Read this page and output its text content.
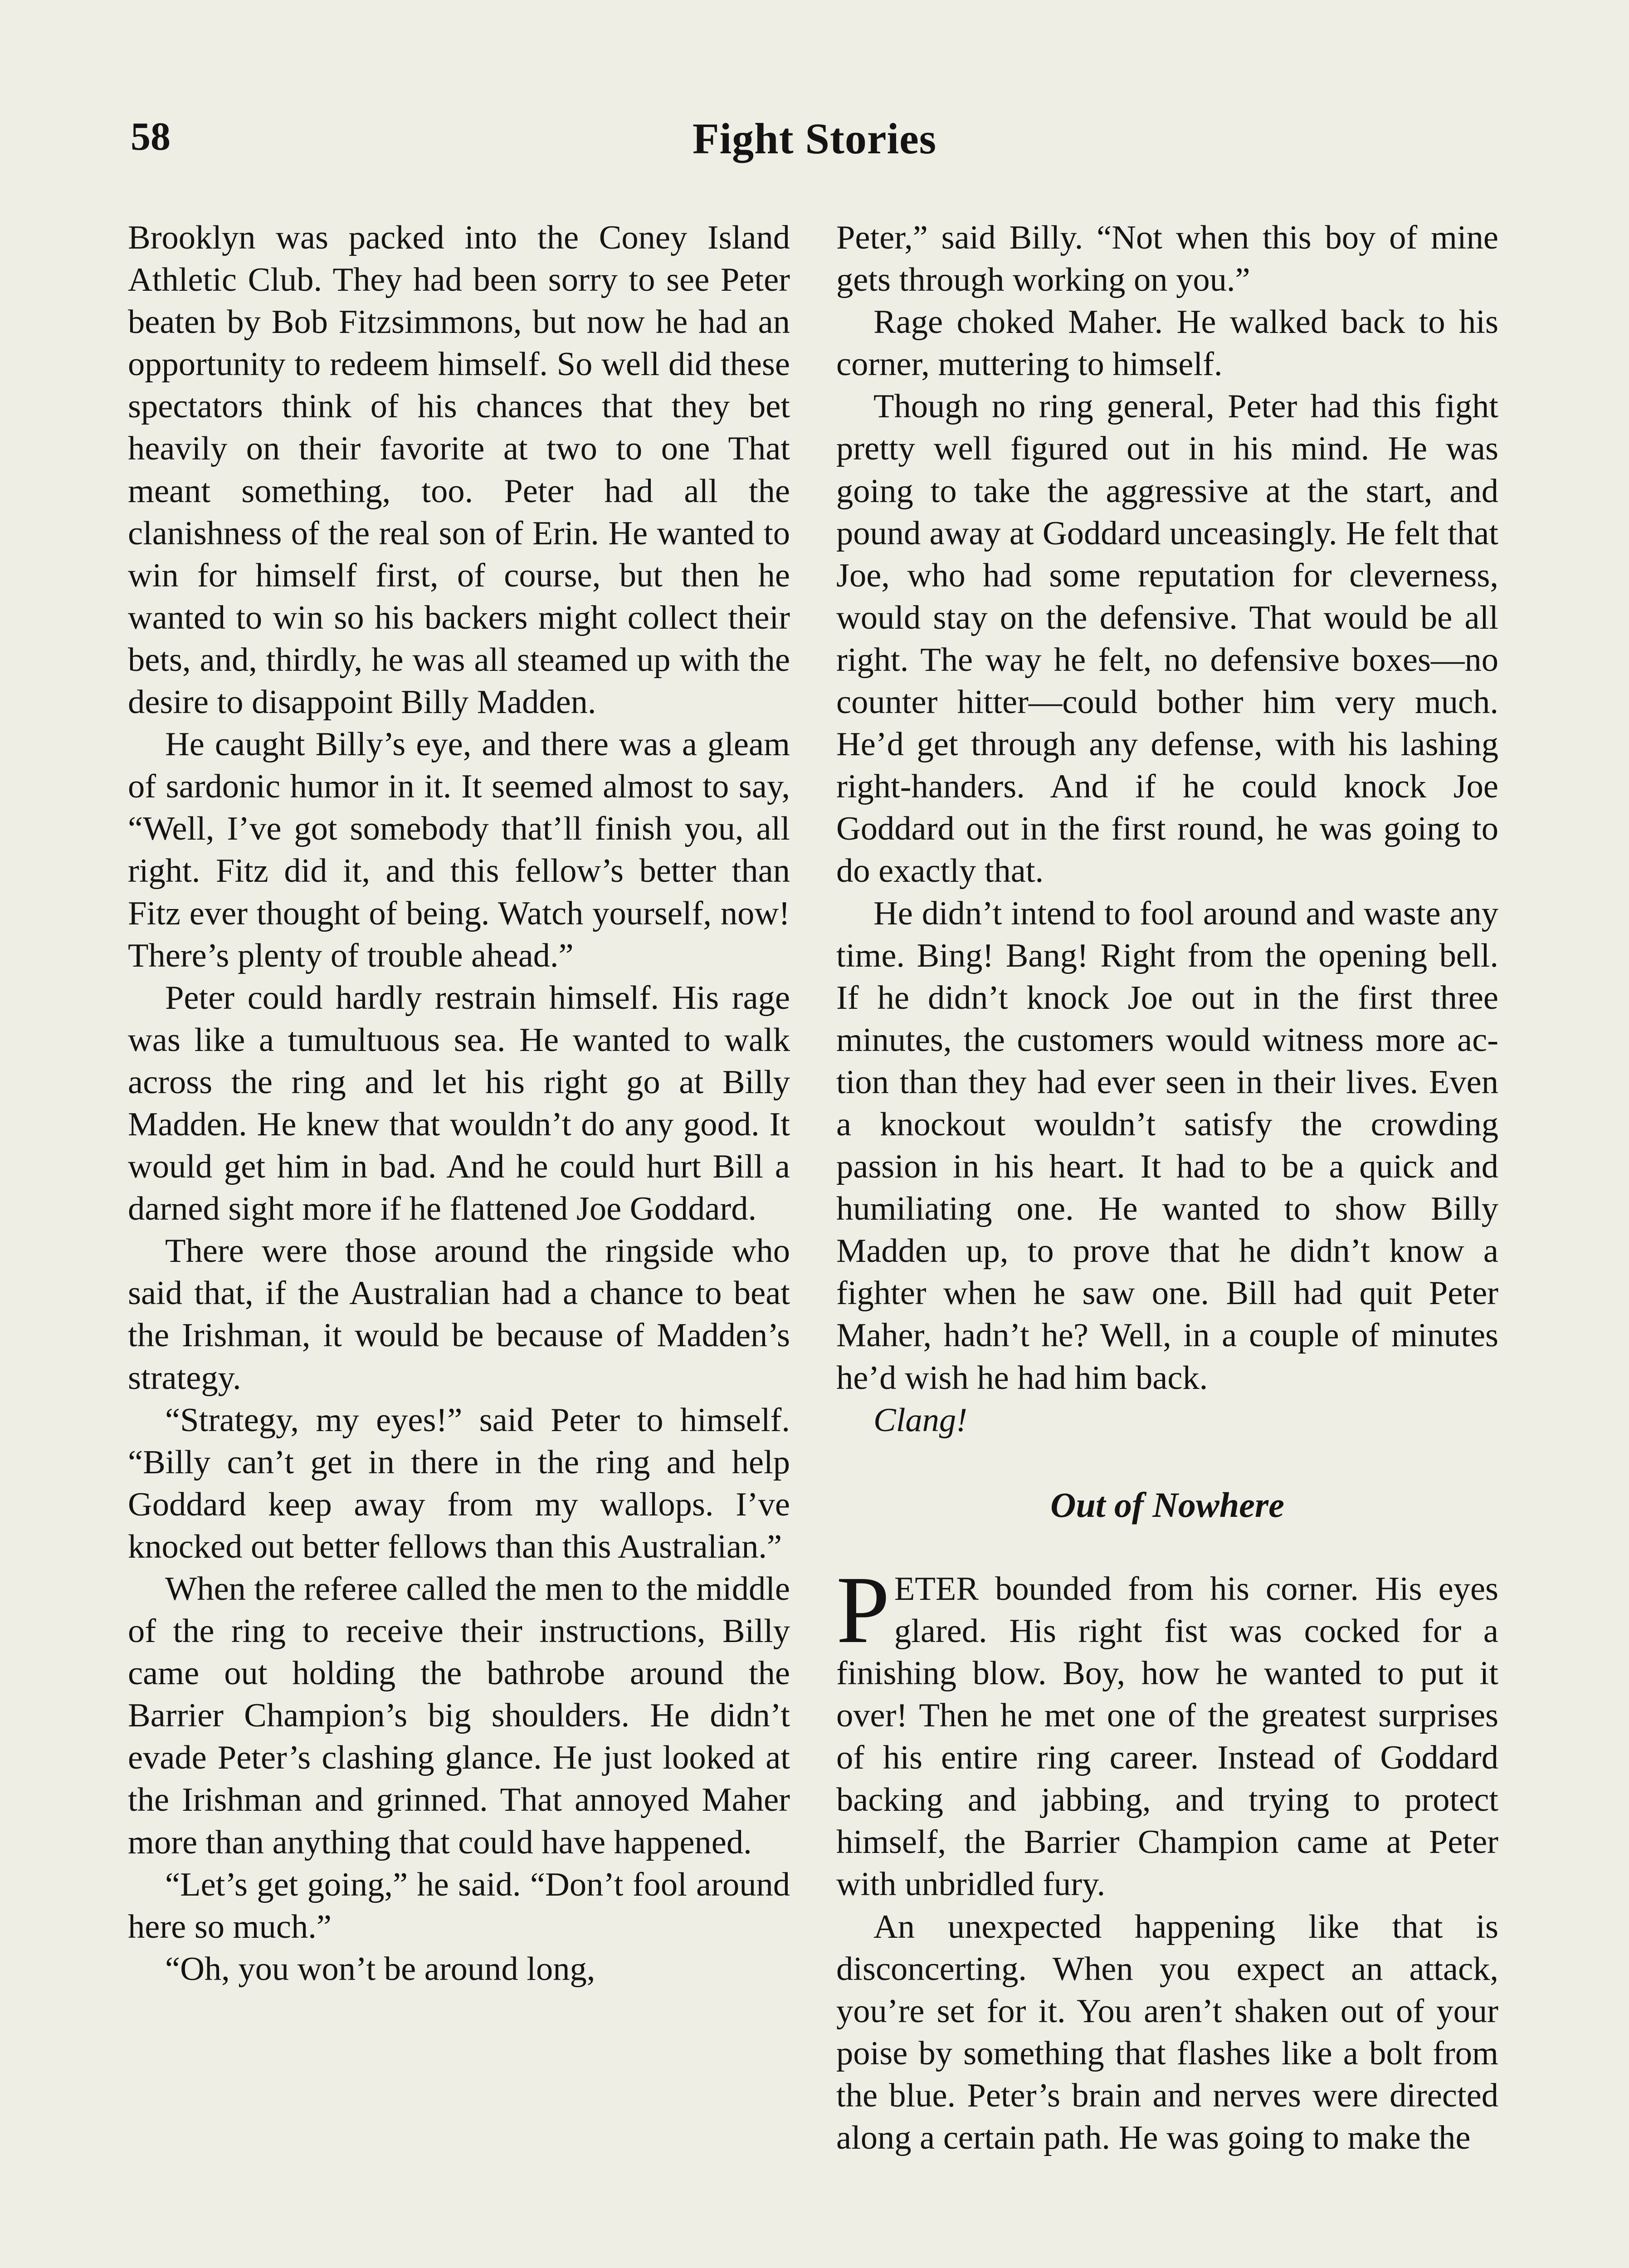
58	Fight Stories

Brooklyn was packed into the Coney Island Athletic Club. They had been sorry to see Peter beaten by Bob Fitzsimmons, but now he had an opportunity to redeem himself. So well did these spectators think of his chances that they bet heavily on their favorite at two to one That meant something, too. Peter had all the clanishness of the real son of Erin. He wanted to win for himself first, of course, but then he wanted to win so his backers might collect their bets, and, thirdly, he was all steamed up with the desire to disappoint Billy Madden.

He caught Billy’s eye, and there was a gleam of sardonic humor in it. It seemed almost to say, “Well, I’ve got somebody that’ll finish you, all right. Fitz did it, and this fellow’s better than Fitz ever thought of being. Watch yourself, now! There’s plenty of trouble ahead.”

Peter could hardly restrain himself. His rage was like a tumultuous sea. He wanted to walk across the ring and let his right go at Billy Madden. He knew that wouldn’t do any good. It would get him in bad. And he could hurt Bill a darned sight more if he flattened Joe Goddard.

There were those around the ringside who said that, if the Australian had a chance to beat the Irishman, it would be because of Madden’s strategy.

“Strategy, my eyes!” said Peter to himself. “Billy can’t get in there in the ring and help Goddard keep away from my wallops. I’ve knocked out better fellows than this Australian.”

When the referee called the men to the middle of the ring to receive their instructions, Billy came out holding the bathrobe around the Barrier Champion’s big shoulders. He didn’t evade Peter’s clashing glance. He just looked at the Irishman and grinned. That annoyed Maher more than anything that could have happened.

“Let’s get going,” he said. “Don’t fool around here so much.”

“Oh, you won’t be around long,

Peter,” said Billy. “Not when this boy of mine gets through working on you.”

Rage choked Maher. He walked back to his corner, muttering to himself.

Though no ring general, Peter had this fight pretty well figured out in his mind. He was going to take the aggressive at the start, and pound away at Goddard unceasingly. He felt that Joe, who had some reputation for cleverness, would stay on the defensive. That would be all right. The way he felt, no defensive boxes—no counter hitter—could bother him very much. He’d get through any defense, with his lashing right-handers. And if he could knock Joe Goddard out in the first round, he was going to do exactly that.

He didn’t intend to fool around and waste any time. Bing! Bang! Right from the opening bell. If he didn’t knock Joe out in the first three minutes, the customers would witness more action than they had ever seen in their lives. Even a knockout wouldn’t satisfy the crowding passion in his heart. It had to be a quick and humiliating one. He wanted to show Billy Madden up, to prove that he didn’t know a fighter when he saw one. Bill had quit Peter Maher, hadn’t he? Well, in a couple of minutes he’d wish he had him back.

Clang!

Out of Nowhere

PETER bounded from his corner. His eyes glared. His right fist was cocked for a finishing blow. Boy, how he wanted to put it over! Then he met one of the greatest surprises of his entire ring career. Instead of Goddard backing and jabbing, and trying to protect himself, the Barrier Champion came at Peter with unbridled fury.

An unexpected happening like that is disconcerting. When you expect an attack, you’re set for it. You aren’t shaken out of your poise by something that flashes like a bolt from the blue. Peter’s brain and nerves were directed along a certain path. He was going to make the
